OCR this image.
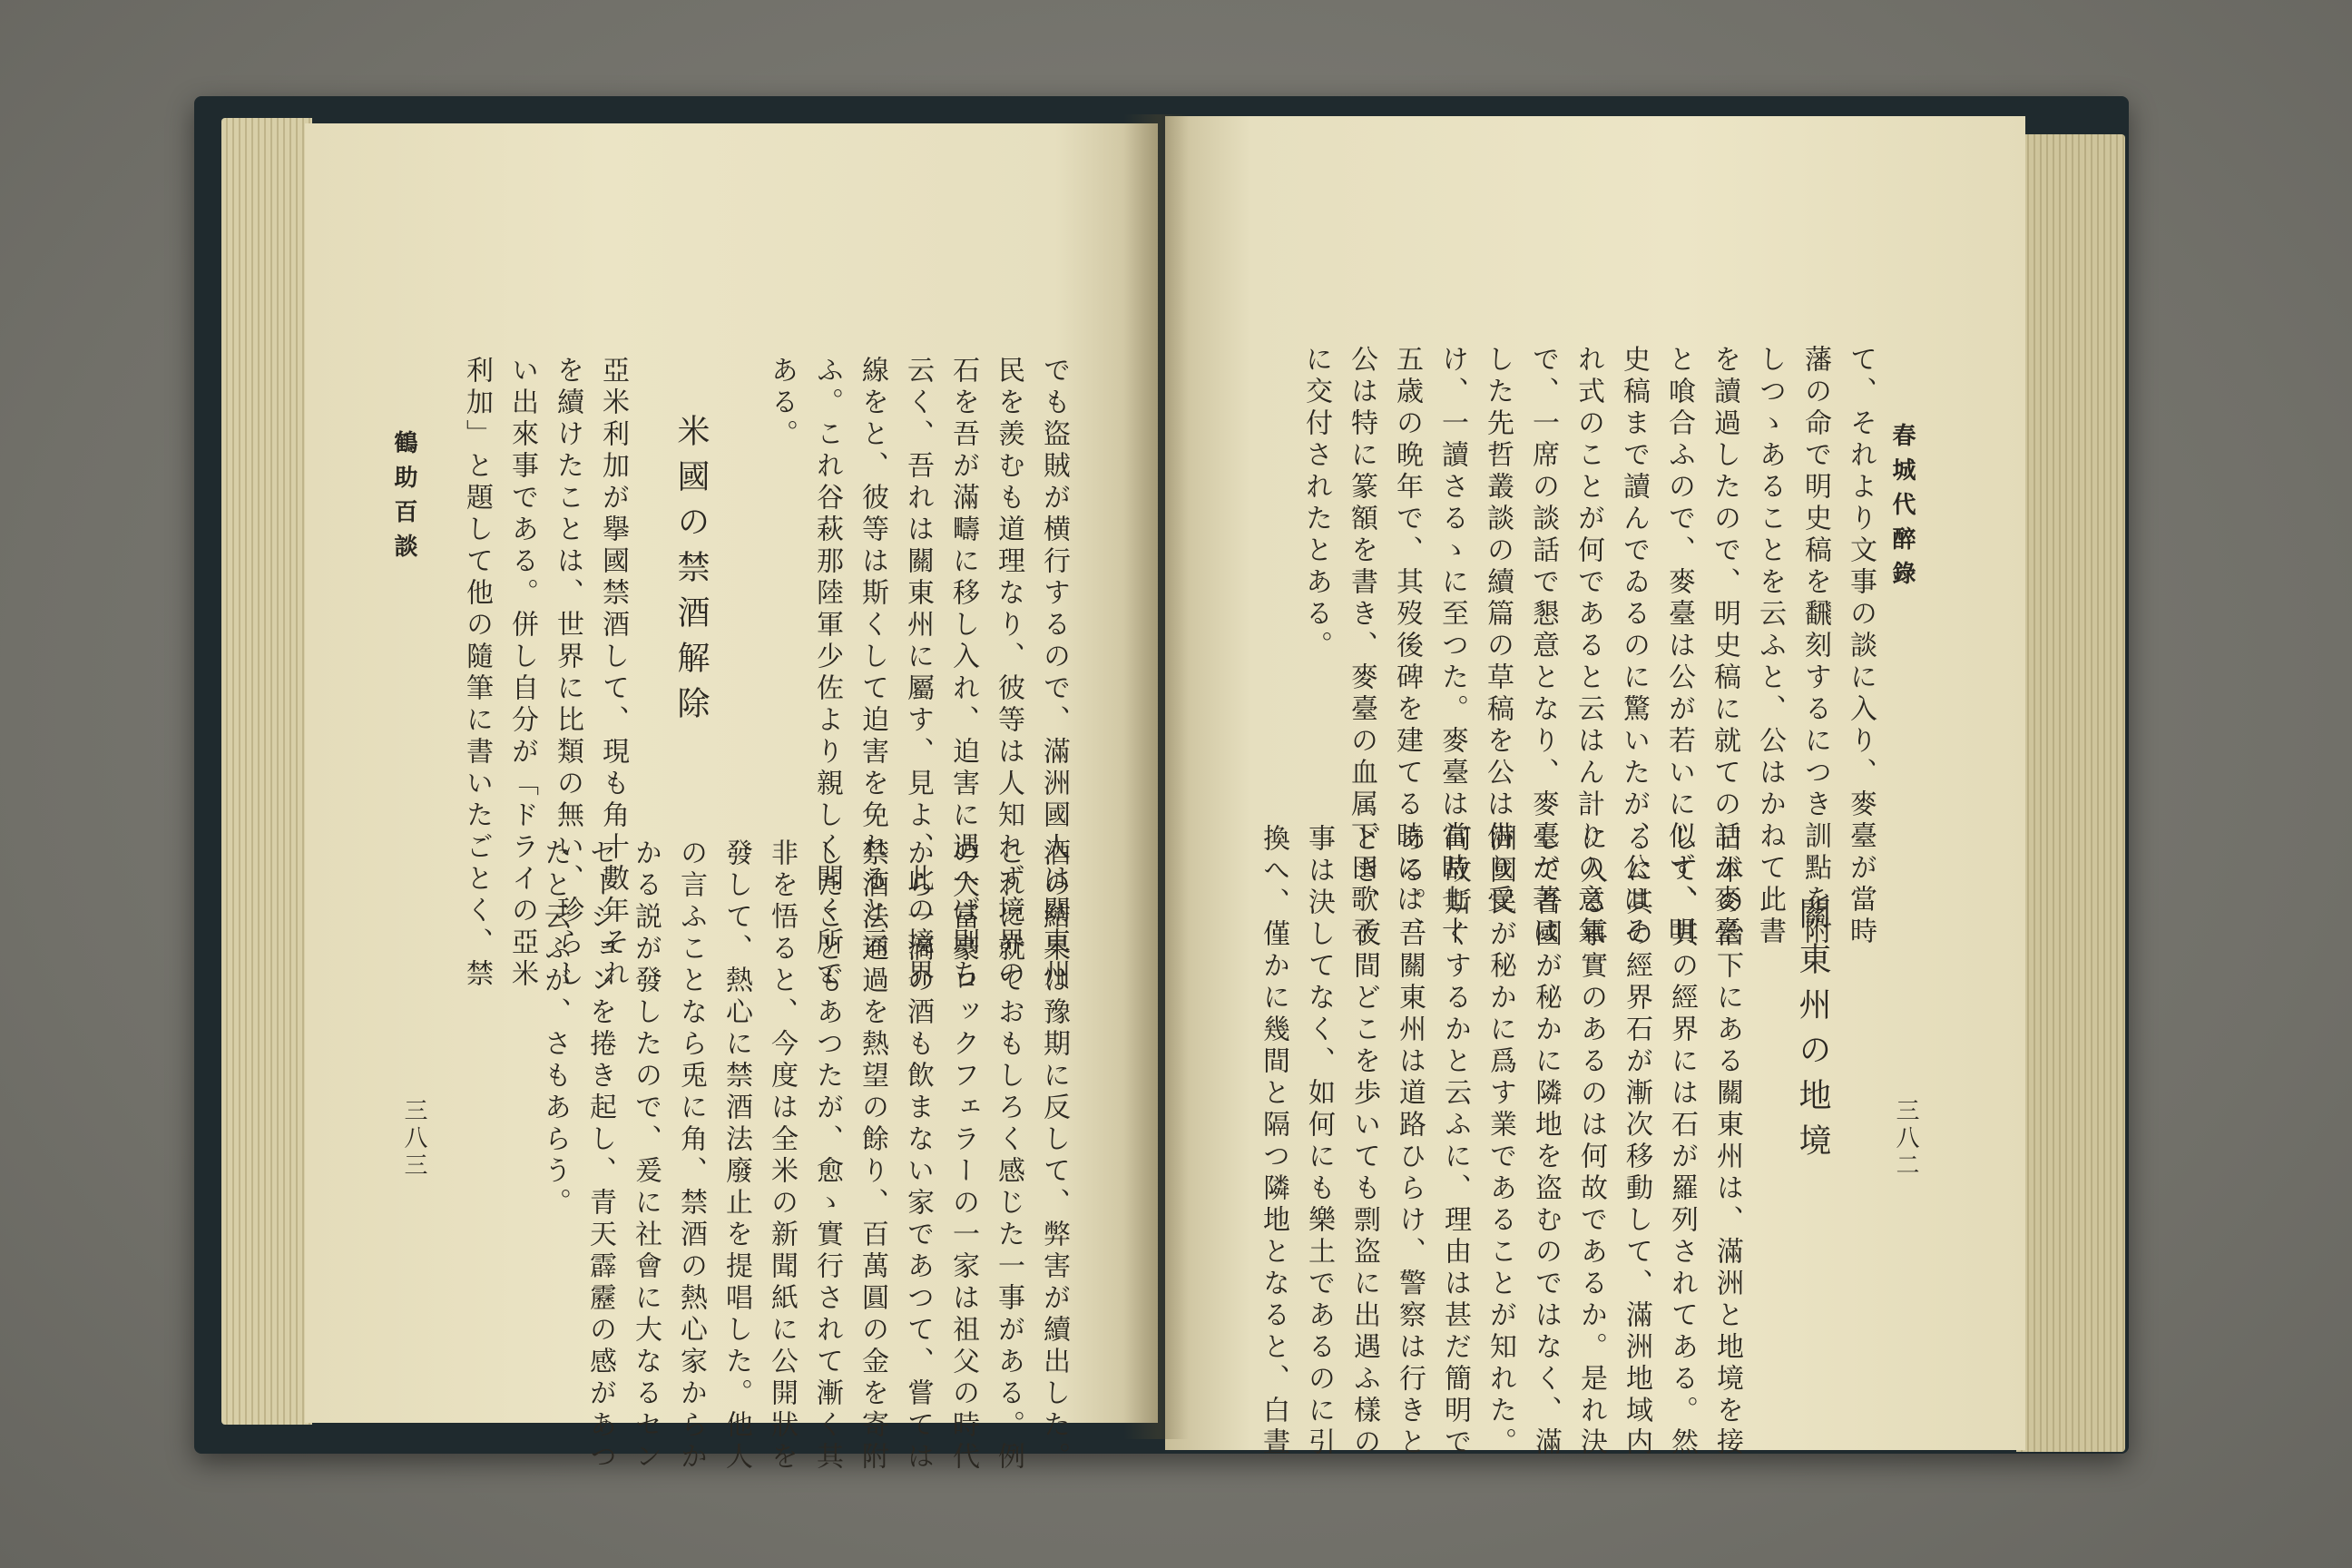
でも盜賊が横行するので、滿洲國人は關東州
民を羨むも道理なり、彼等は人知れず境界の
石を吾が滿疇に移し入れ、迫害に遇へば則ち
云く、吾れは關東州に屬す、見よ、此の境界
線をと、彼等は斯くして迫害を免れると云
ふ。これ谷萩那陸軍少佐より親しく聞く所で
ある。
米國の禁酒解除
亞米利加が擧國禁酒して、現も角十數年それ
を續けたことは、世界に比類の無い、珍らし
い出來事である。併し自分が「ドライの亞米
利加」と題して他の隨筆に書いたごとく、禁
鶴助百談
酒の結果は豫期に反して、弊害が續出した。
これに就ておもしろく感じた一事がある。例
の大富豪ロックフェラーの一家は祖父の時代
から一滴の酒も飲まない家であつて、嘗ては
禁酒法通過を熱望の餘り、百萬圓の金を寄附
したこともあつたが、愈ゝ實行されて漸く其
非を悟ると、今度は全米の新聞紙に公開狀を
發して、熱心に禁酒法廢止を提唱した。他人
の言ふことなら兎に角、禁酒の熱心家からか
かる説が發したので、爰に社會に大なるセン
セーションを捲き起し、青天霹靂の感があつ
たと云ふが、さもあらう。
三八三
春城代醉錄
て、それより文事の談に入り、麥臺が當時
藩の命で明史稿を飜刻するにつき訓點を附
しつゝあることを云ふと、公はかねて此書
を讀過したので、明史稿に就ての話が麥臺
と喰合ふので、麥臺は公が若いに似ず、明
史稿まで讀んでゐるのに驚いたが、公はそ
れ式のことが何であると云はん計りの意氣
で、一席の談話で懇意となり、麥臺が著は
した先哲叢談の續篇の草稿を公は借り受
け、一讀さるゝに至つた。麥臺は當時七十
五歳の晩年で、其歿後碑を建てる時には、
公は特に篆額を書き、麥臺の血属下田歌子
に交付されたとある。
三八二
關東州の地境
日本の治下にある關東州は、滿洲と地境を接
して、其の經界には石が羅列されてある。然
るに其の經界石が漸次移動して、滿洲地域内
に入る事實のあるのは何故であるか。是れ決
して吾國が秘かに隣地を盗むのではなく、滿
洲國民が秘かに爲す業であることが知れた。
何故斯くするかと云ふに、理由は甚だ簡明で
ある。吾關東州は道路ひらけ、警察は行きと
どき、夜間どこを歩いても剽盗に出遇ふ樣の
事は決してなく、如何にも樂土であるのに引
換へ、僅かに幾間と隔つ隣地となると、白晝
